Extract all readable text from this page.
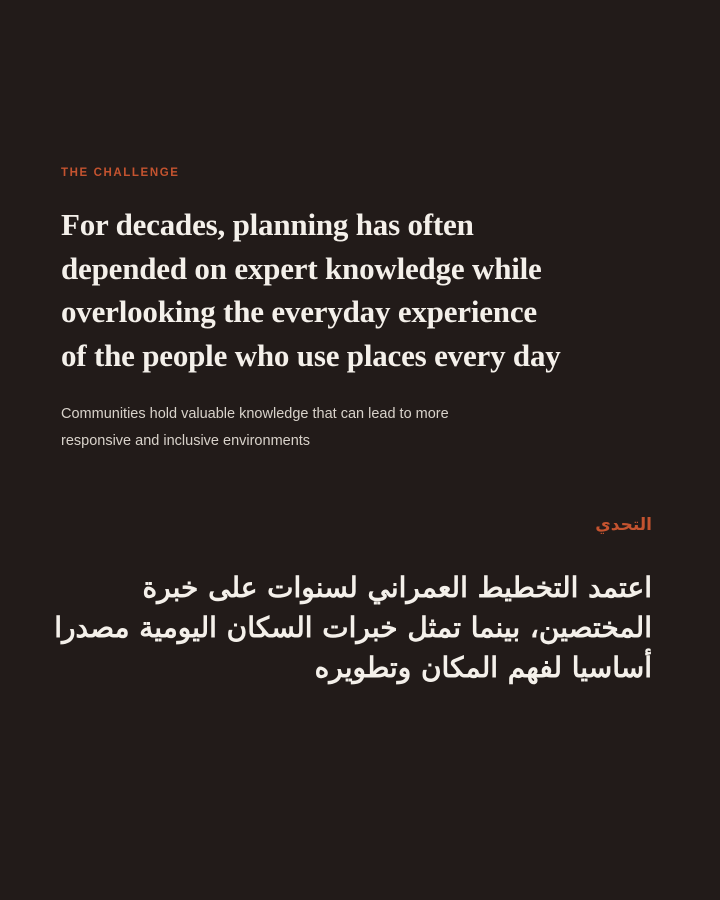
THE CHALLENGE

For decades, planning has often
depended on expert knowledge while
overlooking the everyday experience
of the people who use places every day

Communities hold valuable knowledge that can lead to more
responsive and inclusive environments

التحدي

اعتمد التخطيط العمراني لسنوات على خبرة
المختصين، بينما تمثل خبرات السكان اليومية مصدرا
أساسيا لفهم المكان وتطويره
